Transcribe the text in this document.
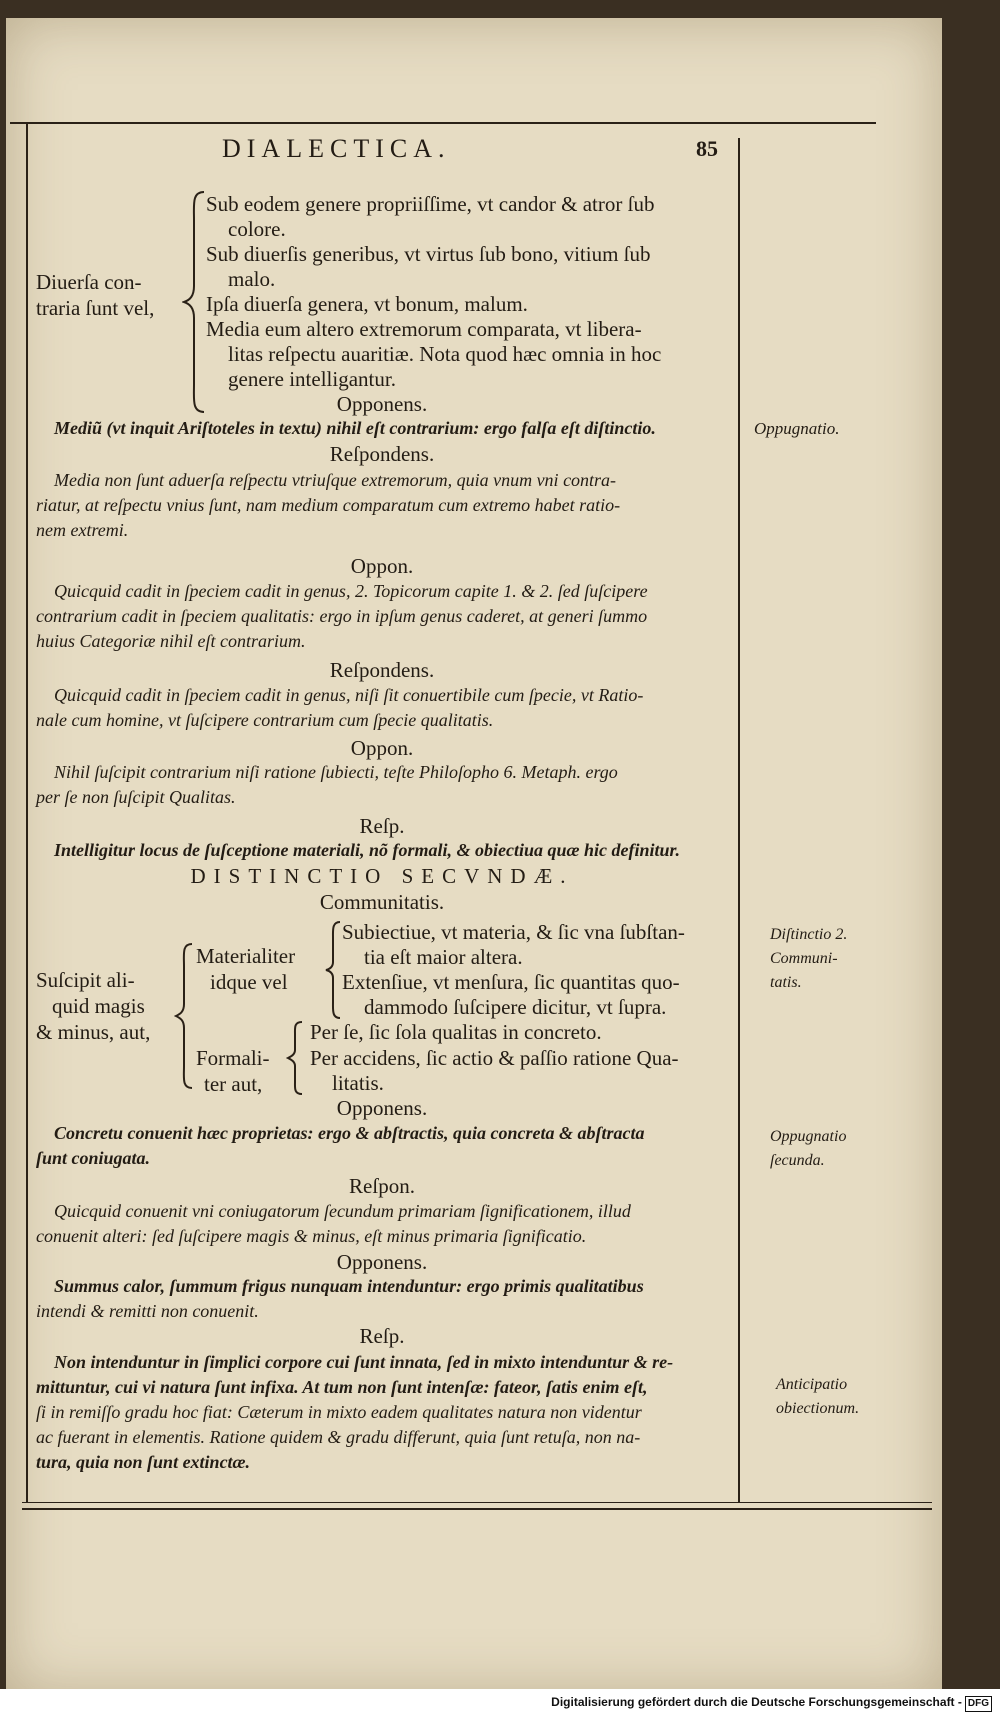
DIALECTICA.	85
Diuerſa con-
traria ſunt vel,
Sub eodem genere propriiſſime, vt candor & atror ſub
colore.
Sub diuerſis generibus, vt virtus ſub bono, vitium ſub
malo.
Ipſa diuerſa genera, vt bonum, malum.
Media eum altero extremorum comparata, vt libera-
litas reſpectu auaritiæ. Nota quod hæc omnia in hoc
genere intelligantur.
Opponens.
Mediũ (vt inquit Ariſtoteles in textu) nihil eſt contrarium: ergo falſa eſt diſtinctio.
Reſpondens.
Media non ſunt aduerſa reſpectu vtriuſque extremorum, quia vnum vni contra-
riatur, at reſpectu vnius ſunt, nam medium comparatum cum extremo habet ratio-
nem extremi.
Oppon.
Quicquid cadit in ſpeciem cadit in genus, 2. Topicorum capite 1. & 2. ſed ſuſcipere
contrarium cadit in ſpeciem qualitatis: ergo in ipſum genus caderet, at generi ſummo
huius Categoriæ nihil eſt contrarium.
Reſpondens.
Quicquid cadit in ſpeciem cadit in genus, niſi ſit conuertibile cum ſpecie, vt Ratio-
nale cum homine, vt ſuſcipere contrarium cum ſpecie qualitatis.
Oppon.
Nihil ſuſcipit contrarium niſi ratione ſubiecti, teſte Philoſopho 6. Metaph. ergo
per ſe non ſuſcipit Qualitas.
Reſp.
Intelligitur locus de ſuſceptione materiali, nõ formali, & obiectiua quæ hic definitur.
DISTINCTIO SECVNDÆ.
Communitatis.
Suſcipit ali-
quid magis
& minus, aut,
Materialiter
idque vel
Subiectiue, vt materia, & ſic vna ſubſtan-
tia eſt maior altera.
Extenſiue, vt menſura, ſic quantitas quo-
dammodo ſuſcipere dicitur, vt ſupra.
Formali-
ter aut,
Per ſe, ſic ſola qualitas in concreto.
Per accidens, ſic actio & paſſio ratione Qua-
litatis.
Opponens.
Concretu conuenit hæc proprietas: ergo & abſtractis, quia concreta & abſtracta
ſunt coniugata.
Reſpon.
Quicquid conuenit vni coniugatorum ſecundum primariam ſignificationem, illud
conuenit alteri: ſed ſuſcipere magis & minus, eſt minus primaria ſignificatio.
Opponens.
Summus calor, ſummum frigus nunquam intenduntur: ergo primis qualitatibus
intendi & remitti non conuenit.
Reſp.
Non intenduntur in ſimplici corpore cui ſunt innata, ſed in mixto intenduntur & re-
mittuntur, cui vi natura ſunt infixa. At tum non ſunt intenſæ: fateor, ſatis enim eſt,
ſi in remiſſo gradu hoc fiat: Cæterum in mixto eadem qualitates natura non videntur
ac fuerant in elementis. Ratione quidem & gradu differunt, quia ſunt retuſa, non na-
tura, quia non ſunt extinctæ.
Oppugnatio.
Diſtinctio 2.
Communi-
tatis.
Oppugnatio
ſecunda.
Anticipatio
obiectionum.
Digitalisierung gefördert durch die Deutsche Forschungsgemeinschaft - DFG
